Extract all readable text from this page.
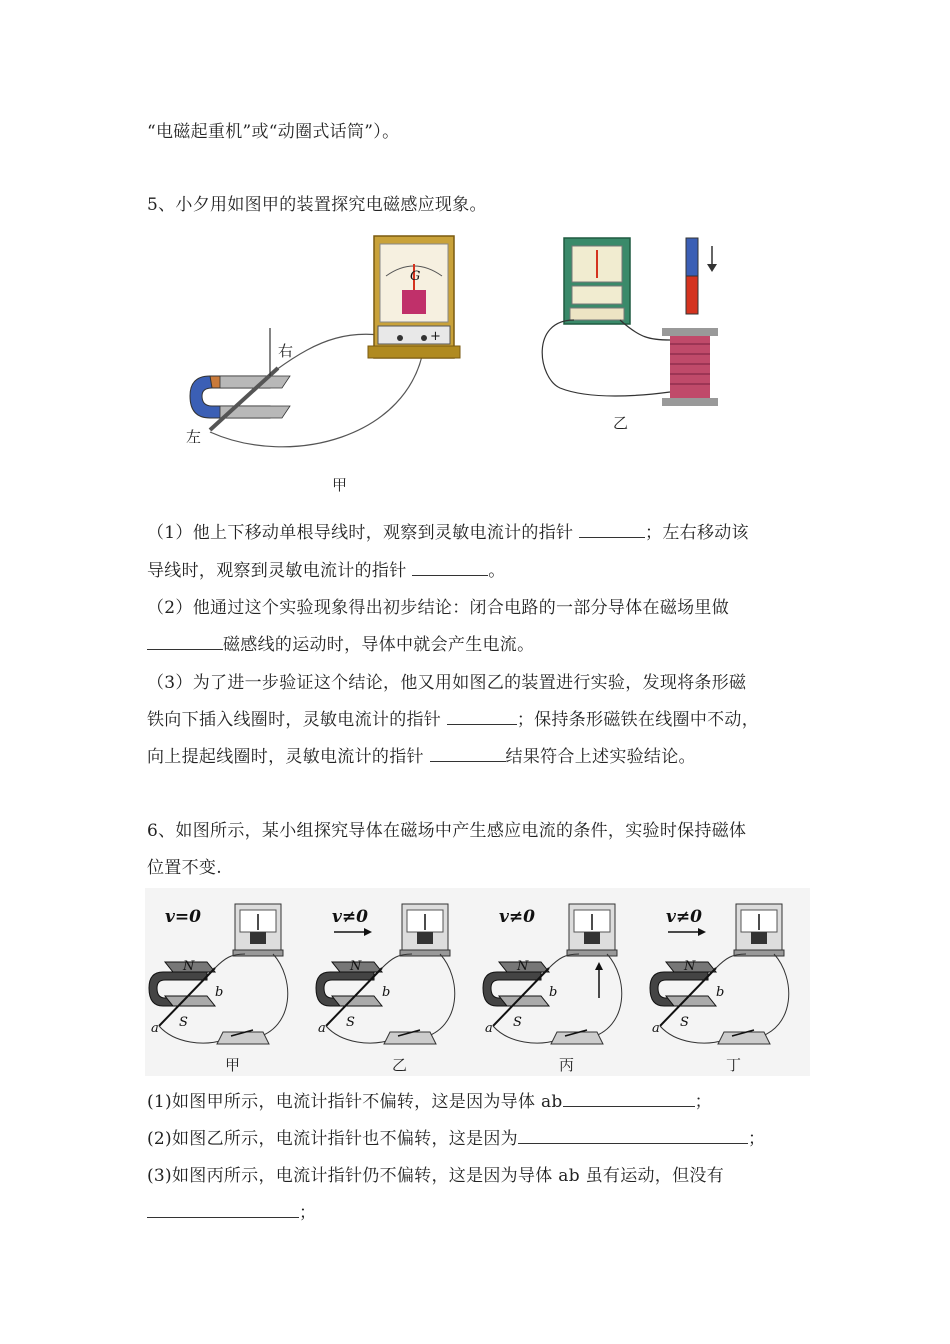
“电磁起重机”或“动圈式话筒”）。
5、小夕用如图甲的装置探究电磁感应现象。
右
左
G
+
甲
乙
（1）他上下移动单根导线时，观察到灵敏电流计的指针	；左右移动该
导线时，观察到灵敏电流计的指针	。
（2）他通过这个实验现象得出初步结论：闭合电路的一部分导体在磁场里做
磁感线的运动时，导体中就会产生电流。
（3）为了进一步验证这个结论，他又用如图乙的装置进行实验，发现将条形磁
铁向下插入线圈时，灵敏电流计的指针	；保持条形磁铁在线圈中不动，
向上提起线圈时，灵敏电流计的指针	结果符合上述实验结论。
6、如图所示，某小组探究导体在磁场中产生感应电流的条件，实验时保持磁体
位置不变.
v=0
N
S
a
b
甲
v≠0
N
S
a
b
乙
v≠0
N
S
a
b
丙
v≠0
N
S
a
b
丁
(1)如图甲所示，电流计指针不偏转，这是因为导体 ab	；
(2)如图乙所示，电流计指针也不偏转，这是因为	；
(3)如图丙所示，电流计指针仍不偏转，这是因为导体 ab 虽有运动，但没有
；
